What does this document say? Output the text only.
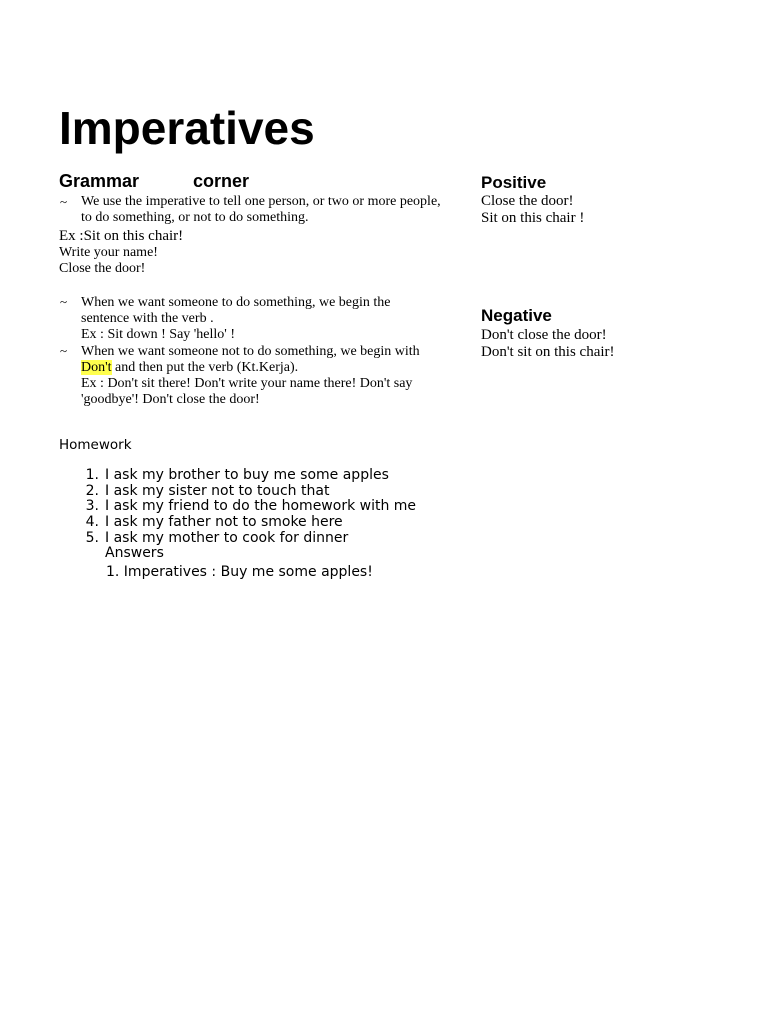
Imperatives
Grammar	corner
~ We use the imperative to tell one person, or two or more people,
to do something, or not to do something.
Ex :Sit on this chair!
Write your name!
Close the door!
~ When we want someone to do something, we begin the
sentence with the verb .
Ex : Sit down ! Say 'hello' !
~ When we want someone not to do something, we begin with
Don't and then put the verb (Kt.Kerja).
Ex : Don't sit there! Don't write your name there! Don't say
'goodbye'! Don't close the door!
Positive
Close the door!
Sit on this chair !
Negative
Don't close the door!
Don't sit on this chair!
Homework
1. I ask my brother to buy me some apples
2. I ask my sister not to touch that
3. I ask my friend to do the homework with me
4. I ask my father not to smoke here
5. I ask my mother to cook for dinner
Answers
1. Imperatives : Buy me some apples!
